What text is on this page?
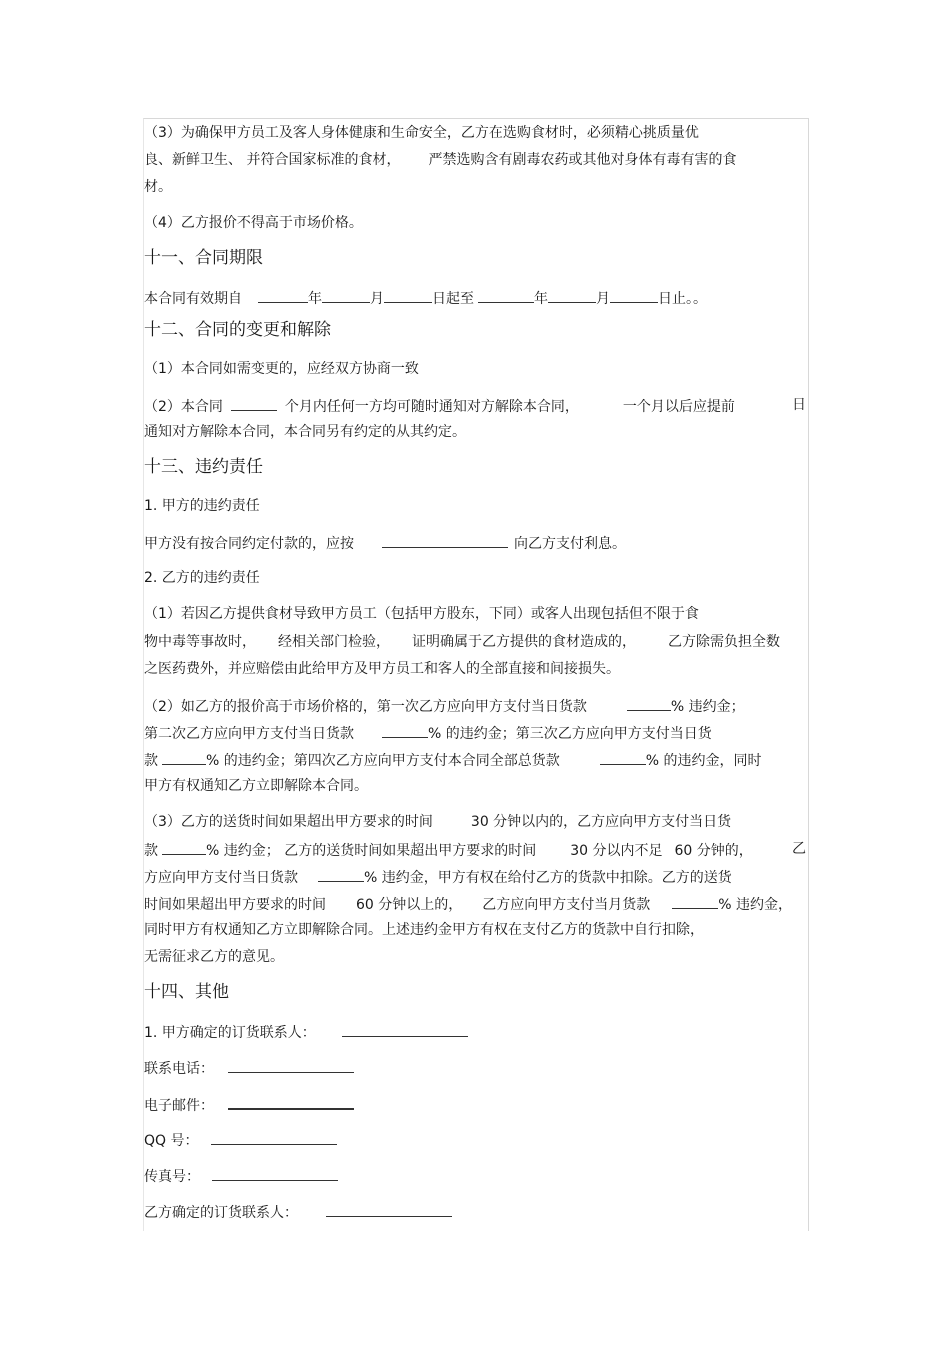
（3）为确保甲方员工及客人身体健康和生命安全，乙方在选购食材时，必须精心挑质量优
良、新鲜卫生、 并符合国家标准的食材， 严禁选购含有剧毒农药或其他对身体有毒有害的食
材。
（4）乙方报价不得高于市场价格。
十一、合同期限
本合同有效期自	年	月	日起至	年	月	日止。。
十二、合同的变更和解除
（1）本合同如需变更的，应经双方协商一致
（2）本合同	个月内任何一方均可随时通知对方解除本合同，	一个月以后应提前	日
通知对方解除本合同，本合同另有约定的从其约定。
十三、违约责任
1. 甲方的违约责任
甲方没有按合同约定付款的，应按	向乙方支付利息。
2. 乙方的违约责任
（1）若因乙方提供食材导致甲方员工（包括甲方股东，下同）或客人出现包括但不限于食
物中毒等事故时， 经相关部门检验， 证明确属于乙方提供的食材造成的， 乙方除需负担全数
之医药费外，并应赔偿由此给甲方及甲方员工和客人的全部直接和间接损失。
（2）如乙方的报价高于市场价格的，第一次乙方应向甲方支付当日货款	% 违约金；
第二次乙方应向甲方支付当日货款	% 的违约金；第三次乙方应向甲方支付当日货
款	% 的违约金；第四次乙方应向甲方支付本合同全部总货款	% 的违约金，同时
甲方有权通知乙方立即解除本合同。
（3）乙方的送货时间如果超出甲方要求的时间	30 分钟以内的，乙方应向甲方支付当日货
款	% 违约金； 乙方的送货时间如果超出甲方要求的时间 30 分以内不足 60 分钟的，	乙
方应向甲方支付当日货款	% 违约金，甲方有权在给付乙方的货款中扣除。乙方的送货
时间如果超出甲方要求的时间 60 分钟以上的， 乙方应向甲方支付当月货款	% 违约金，
同时甲方有权通知乙方立即解除合同。上述违约金甲方有权在支付乙方的货款中自行扣除，
无需征求乙方的意见。
十四、其他
1. 甲方确定的订货联系人：
联系电话：
电子邮件：
QQ 号：
传真号：
乙方确定的订货联系人：
